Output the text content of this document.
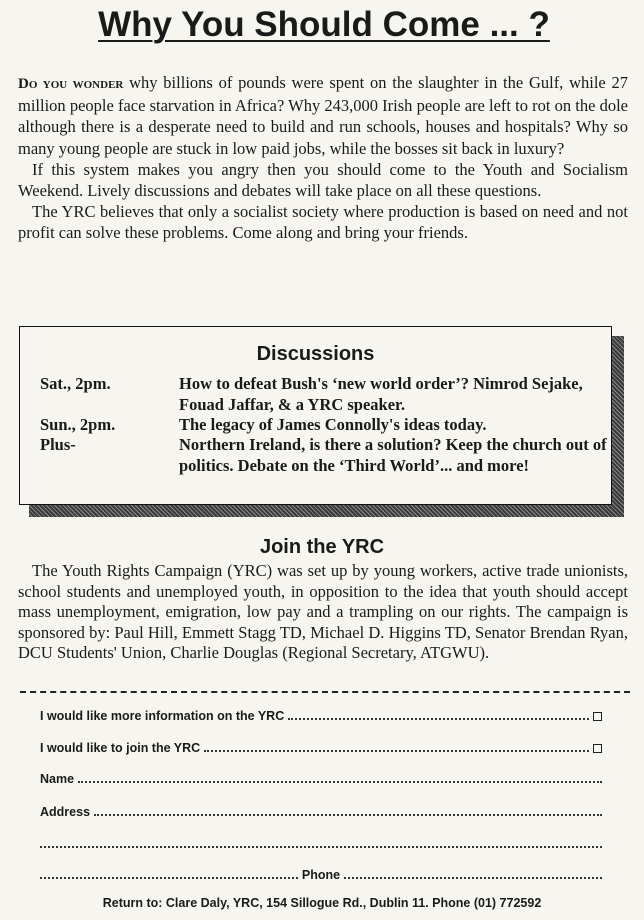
Why You Should Come ... ?

Do you wonder why billions of pounds were spent on the slaughter in the Gulf, while 27 million people face starvation in Africa? Why 243,000 Irish people are left to rot on the dole although there is a desperate need to build and run schools, houses and hospitals? Why so many young people are stuck in low paid jobs, while the bosses sit back in luxury?

If this system makes you angry then you should come to the Youth and Socialism Weekend. Lively discussions and debates will take place on all these questions.

The YRC believes that only a socialist society where production is based on need and not profit can solve these problems. Come along and bring your friends.

Discussions
Sat., 2pm.	How to defeat Bush's ‘new world order’? Nimrod Sejake, Fouad Jaffar, & a YRC speaker.
Sun., 2pm.	The legacy of James Connolly's ideas today.
Plus-	Northern Ireland, is there a solution? Keep the church out of politics. Debate on the ‘Third World’... and more!
Join the YRC
The Youth Rights Campaign (YRC) was set up by young workers, active trade unionists, school students and unemployed youth, in opposition to the idea that youth should accept mass unemployment, emigration, low pay and a trampling on our rights. The campaign is sponsored by: Paul Hill, Emmett Stagg TD, Michael D. Higgins TD, Senator Brendan Ryan, DCU Students' Union, Charlie Douglas (Regional Secretary, ATGWU).
I would like more information on the YRC
I would like to join the YRC
Name
Address
Phone
Return to: Clare Daly, YRC, 154 Sillogue Rd., Dublin 11. Phone (01) 772592
